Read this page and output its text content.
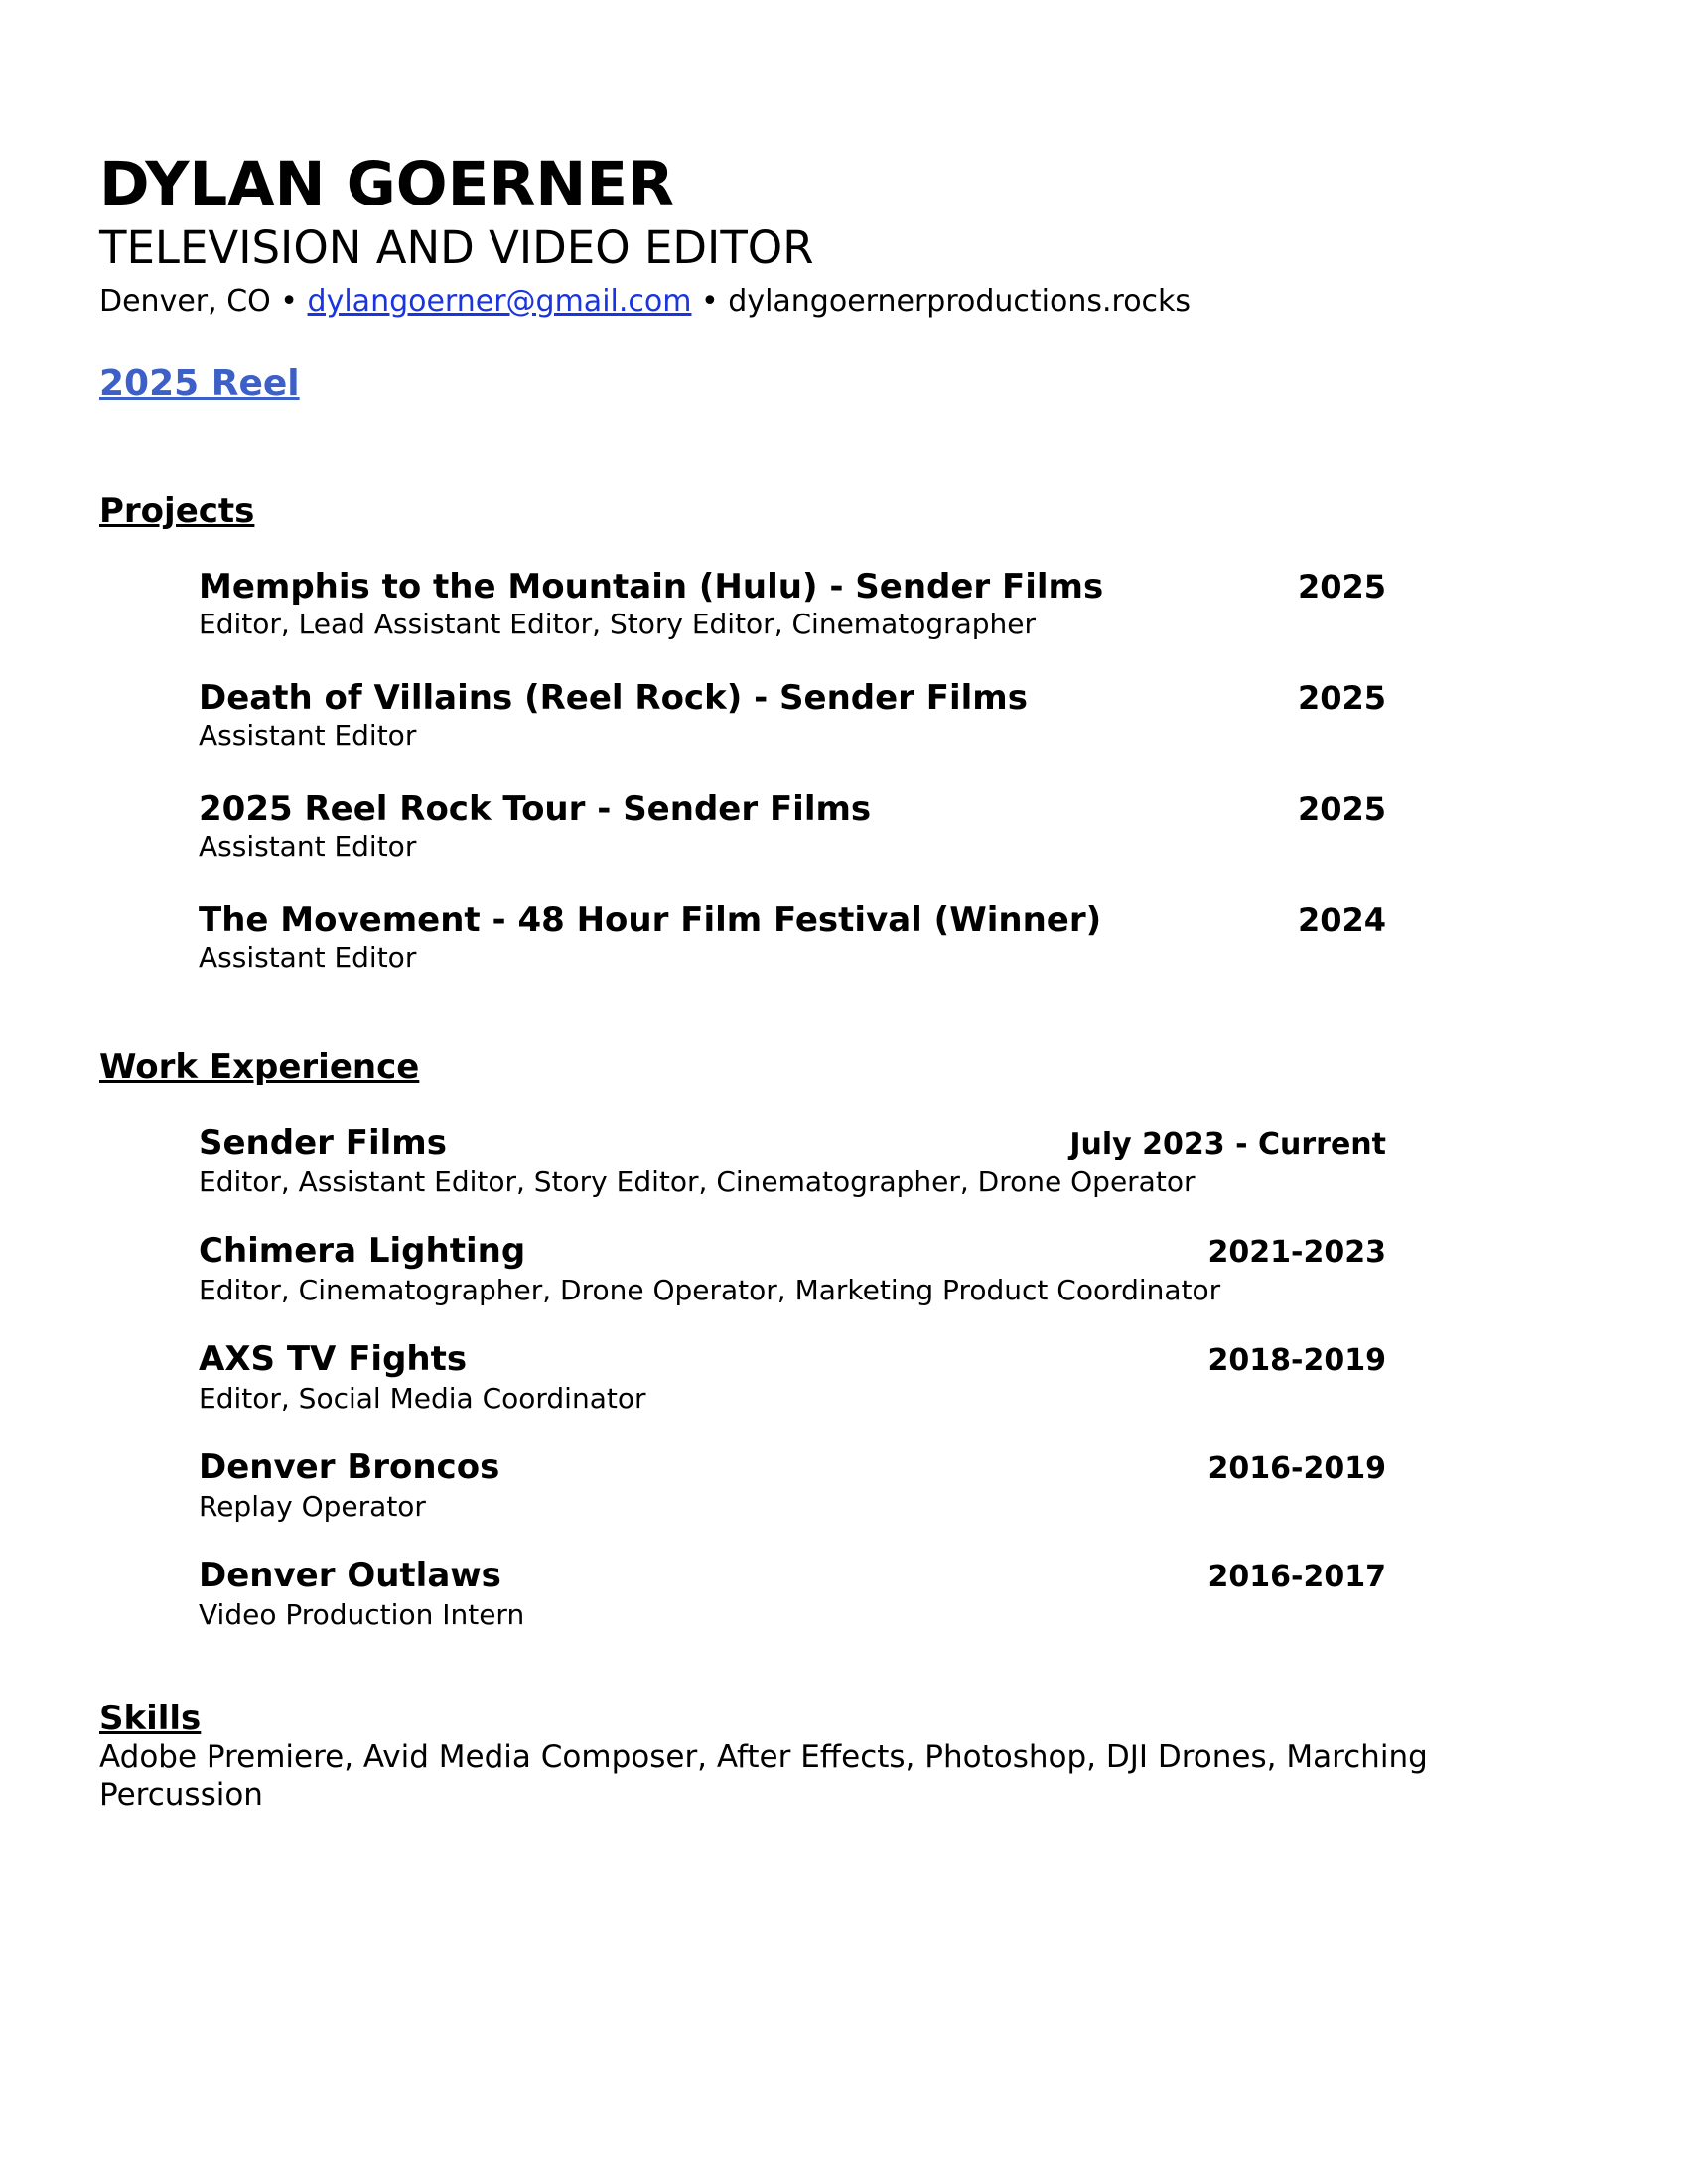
DYLAN GOERNER
TELEVISION AND VIDEO EDITOR
Denver, CO • dylangoerner@gmail.com • dylangoernerproductions.rocks
2025 Reel
Projects
Memphis to the Mountain (Hulu) - Sender Films	2025
Editor, Lead Assistant Editor, Story Editor, Cinematographer
Death of Villains (Reel Rock) - Sender Films	2025
Assistant Editor
2025 Reel Rock Tour - Sender Films	2025
Assistant Editor
The Movement - 48 Hour Film Festival (Winner)	2024
Assistant Editor
Work Experience
Sender Films	July 2023 - Current
Editor, Assistant Editor, Story Editor, Cinematographer, Drone Operator
Chimera Lighting	2021-2023
Editor, Cinematographer, Drone Operator, Marketing Product Coordinator
AXS TV Fights	2018-2019
Editor, Social Media Coordinator
Denver Broncos	2016-2019
Replay Operator
Denver Outlaws	2016-2017
Video Production Intern
Skills
Adobe Premiere, Avid Media Composer, After Effects, Photoshop, DJI Drones, Marching Percussion
